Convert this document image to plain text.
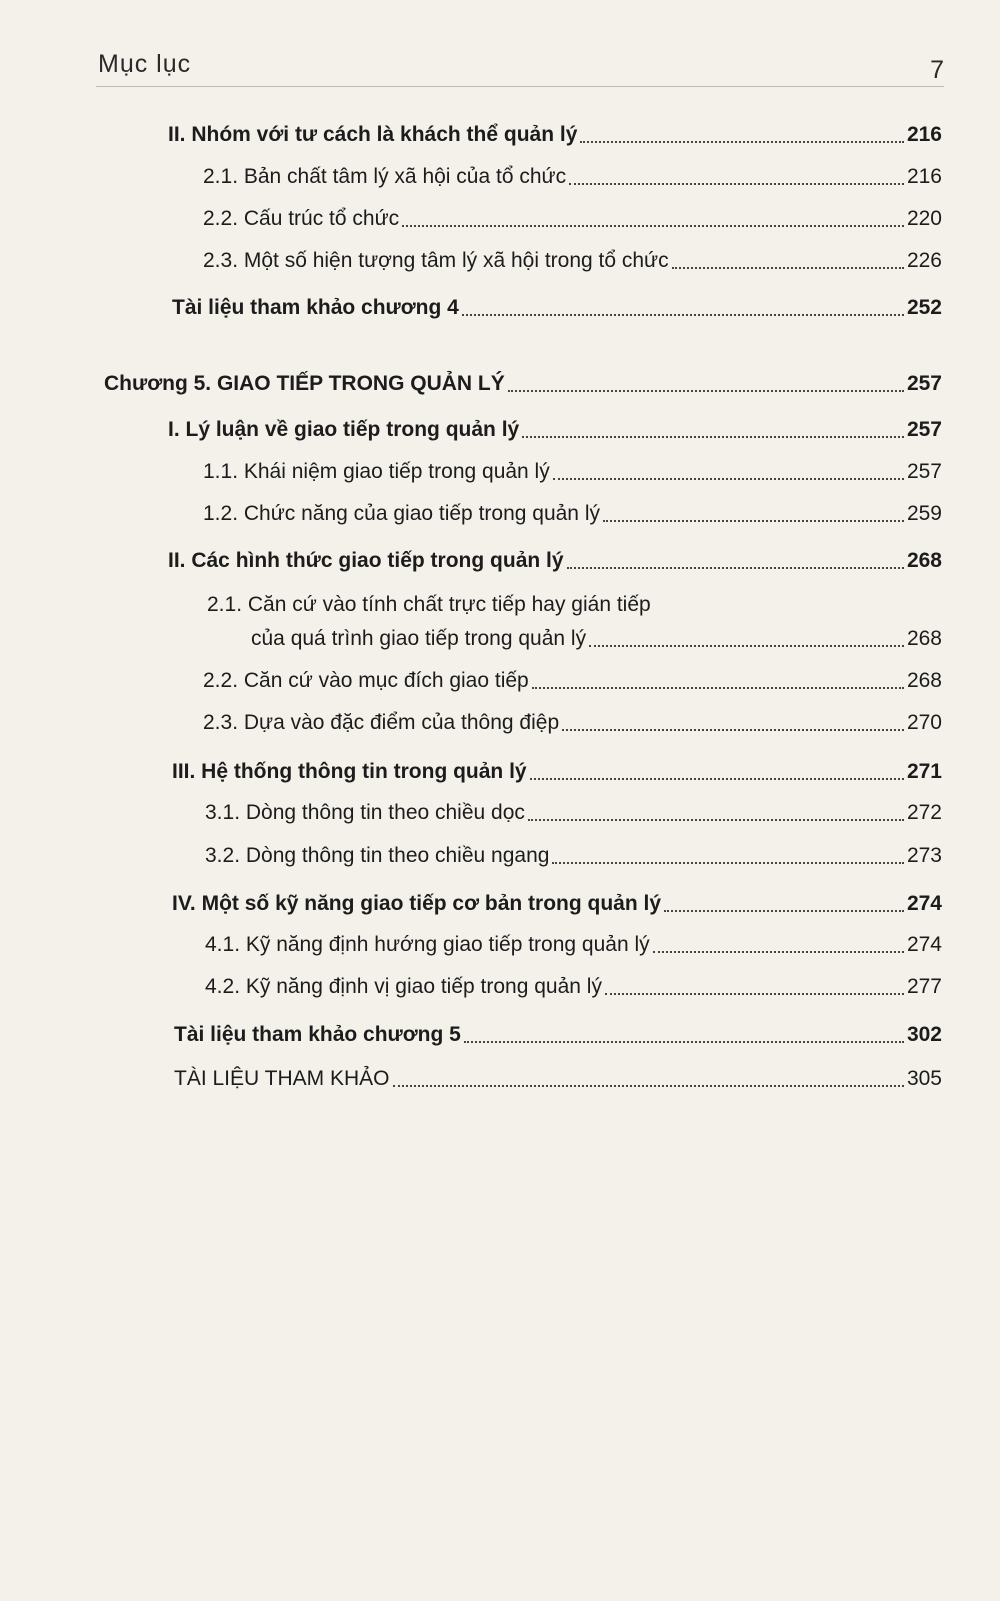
Mục lục	7
II. Nhóm với tư cách là khách thể quản lý	216
2.1. Bản chất tâm lý xã hội của tổ chức	216
2.2. Cấu trúc tổ chức	220
2.3. Một số hiện tượng tâm lý xã hội trong tổ chức	226
Tài liệu tham khảo chương 4	252
Chương 5. GIAO TIẾP TRONG QUẢN LÝ	257
I. Lý luận về giao tiếp trong quản lý	257
1.1. Khái niệm giao tiếp trong quản lý	257
1.2. Chức năng của giao tiếp trong quản lý	259
II. Các hình thức giao tiếp trong quản lý	268
2.1. Căn cứ vào tính chất trực tiếp hay gián tiếp
của quá trình giao tiếp trong quản lý	268
2.2. Căn cứ vào mục đích giao tiếp	268
2.3. Dựa vào đặc điểm của thông điệp	270
III. Hệ thống thông tin trong quản lý	271
3.1. Dòng thông tin theo chiều dọc	272
3.2. Dòng thông tin theo chiều ngang	273
IV. Một số kỹ năng giao tiếp cơ bản trong quản lý	274
4.1. Kỹ năng định hướng giao tiếp trong quản lý	274
4.2. Kỹ năng định vị giao tiếp trong quản lý	277
Tài liệu tham khảo chương 5	302
TÀI LIỆU THAM KHẢO	305
